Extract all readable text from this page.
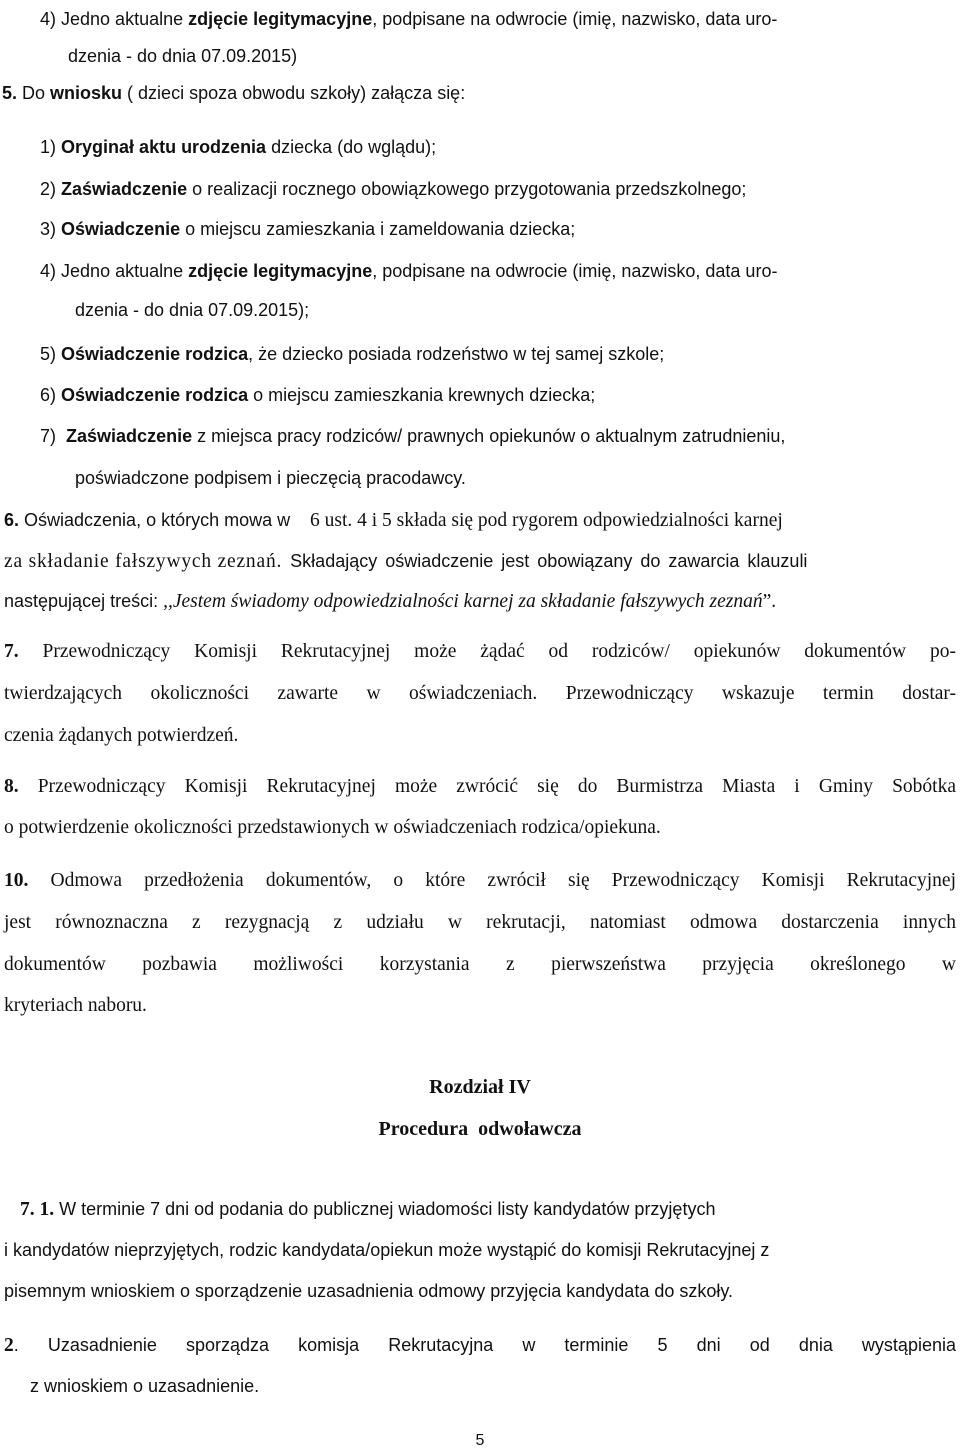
4) Jedno aktualne zdjęcie legitymacyjne, podpisane na odwrocie (imię, nazwisko, data uro-
dzenia - do dnia 07.09.2015)
5. Do wniosku ( dzieci spoza obwodu szkoły) załącza się:
1) Oryginał aktu urodzenia dziecka (do wglądu);
2) Zaświadczenie o realizacji rocznego obowiązkowego przygotowania przedszkolnego;
3) Oświadczenie o miejscu zamieszkania i zameldowania dziecka;
4) Jedno aktualne zdjęcie legitymacyjne, podpisane na odwrocie (imię, nazwisko, data uro-
dzenia - do dnia 07.09.2015);
5) Oświadczenie rodzica, że dziecko posiada rodzeństwo w tej samej szkole;
6) Oświadczenie rodzica o miejscu zamieszkania krewnych dziecka;
7) Zaświadczenie z miejsca pracy rodziców/ prawnych opiekunów o aktualnym zatrudnieniu,
poświadczone podpisem i pieczęcią pracodawcy.
6. Oświadczenia, o których mowa w  6 ust. 4 i 5 składa się pod rygorem odpowiedzialności karnej
za składanie fałszywych zeznań. Składający oświadczenie jest obowiązany do zawarcia klauzuli
następującej treści: ,,Jestem świadomy odpowiedzialności karnej za składanie fałszywych zeznań”.
7. Przewodniczący Komisji Rekrutacyjnej może żądać od rodziców/ opiekunów dokumentów po-
twierdzających okoliczności zawarte w oświadczeniach. Przewodniczący wskazuje termin dostar-
czenia żądanych potwierdzeń.
8. Przewodniczący Komisji Rekrutacyjnej może zwrócić się do Burmistrza Miasta i Gminy Sobótka
o potwierdzenie okoliczności przedstawionych w oświadczeniach rodzica/opiekuna.
10. Odmowa przedłożenia dokumentów, o które zwrócił się Przewodniczący Komisji Rekrutacyjnej
jest równoznaczna z rezygnacją z udziału w rekrutacji, natomiast odmowa dostarczenia innych
dokumentów pozbawia możliwości korzystania z pierwszeństwa przyjęcia określonego w
kryteriach naboru.
Rozdział IV
Procedura  odwoławcza
7. 1. W terminie 7 dni od podania do publicznej wiadomości listy kandydatów przyjętych
i kandydatów nieprzyjętych, rodzic kandydata/opiekun może wystąpić do komisji Rekrutacyjnej z
pisemnym wnioskiem o sporządzenie uzasadnienia odmowy przyjęcia kandydata do szkoły.
2. Uzasadnienie sporządza komisja Rekrutacyjna w terminie 5 dni od dnia wystąpienia
z wnioskiem o uzasadnienie.
5
